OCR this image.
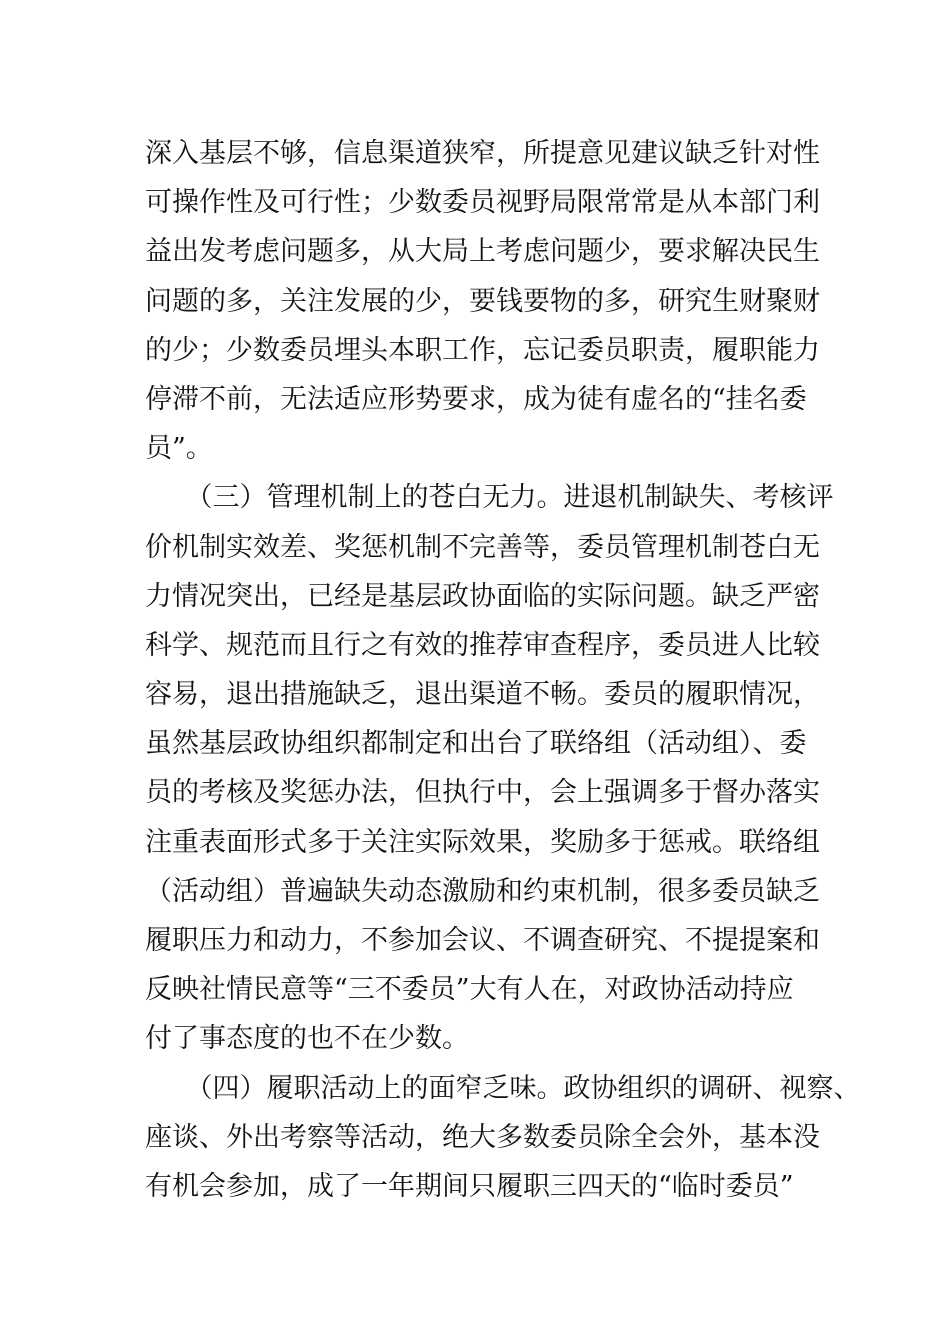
深入基层不够，信息渠道狭窄，所提意见建议缺乏针对性
可操作性及可行性；少数委员视野局限常常是从本部门利
益出发考虑问题多，从大局上考虑问题少，要求解决民生
问题的多，关注发展的少，要钱要物的多，研究生财聚财
的少；少数委员埋头本职工作，忘记委员职责，履职能力
停滞不前，无法适应形势要求，成为徒有虚名的“挂名委
员”。
　　（三）管理机制上的苍白无力。进退机制缺失、考核评
价机制实效差、奖惩机制不完善等，委员管理机制苍白无
力情况突出，已经是基层政协面临的实际问题。缺乏严密
科学、规范而且行之有效的推荐审查程序，委员进人比较
容易，退出措施缺乏，退出渠道不畅。委员的履职情况，
虽然基层政协组织都制定和出台了联络组（活动组）、委
员的考核及奖惩办法，但执行中，会上强调多于督办落实
注重表面形式多于关注实际效果，奖励多于惩戒。联络组
（活动组）普遍缺失动态激励和约束机制，很多委员缺乏
履职压力和动力，不参加会议、不调查研究、不提提案和
反映社情民意等“三不委员”大有人在，对政协活动持应
付了事态度的也不在少数。
　　（四）履职活动上的面窄乏味。政协组织的调研、视察、
座谈、外出考察等活动，绝大多数委员除全会外，基本没
有机会参加，成了一年期间只履职三四天的“临时委员”
